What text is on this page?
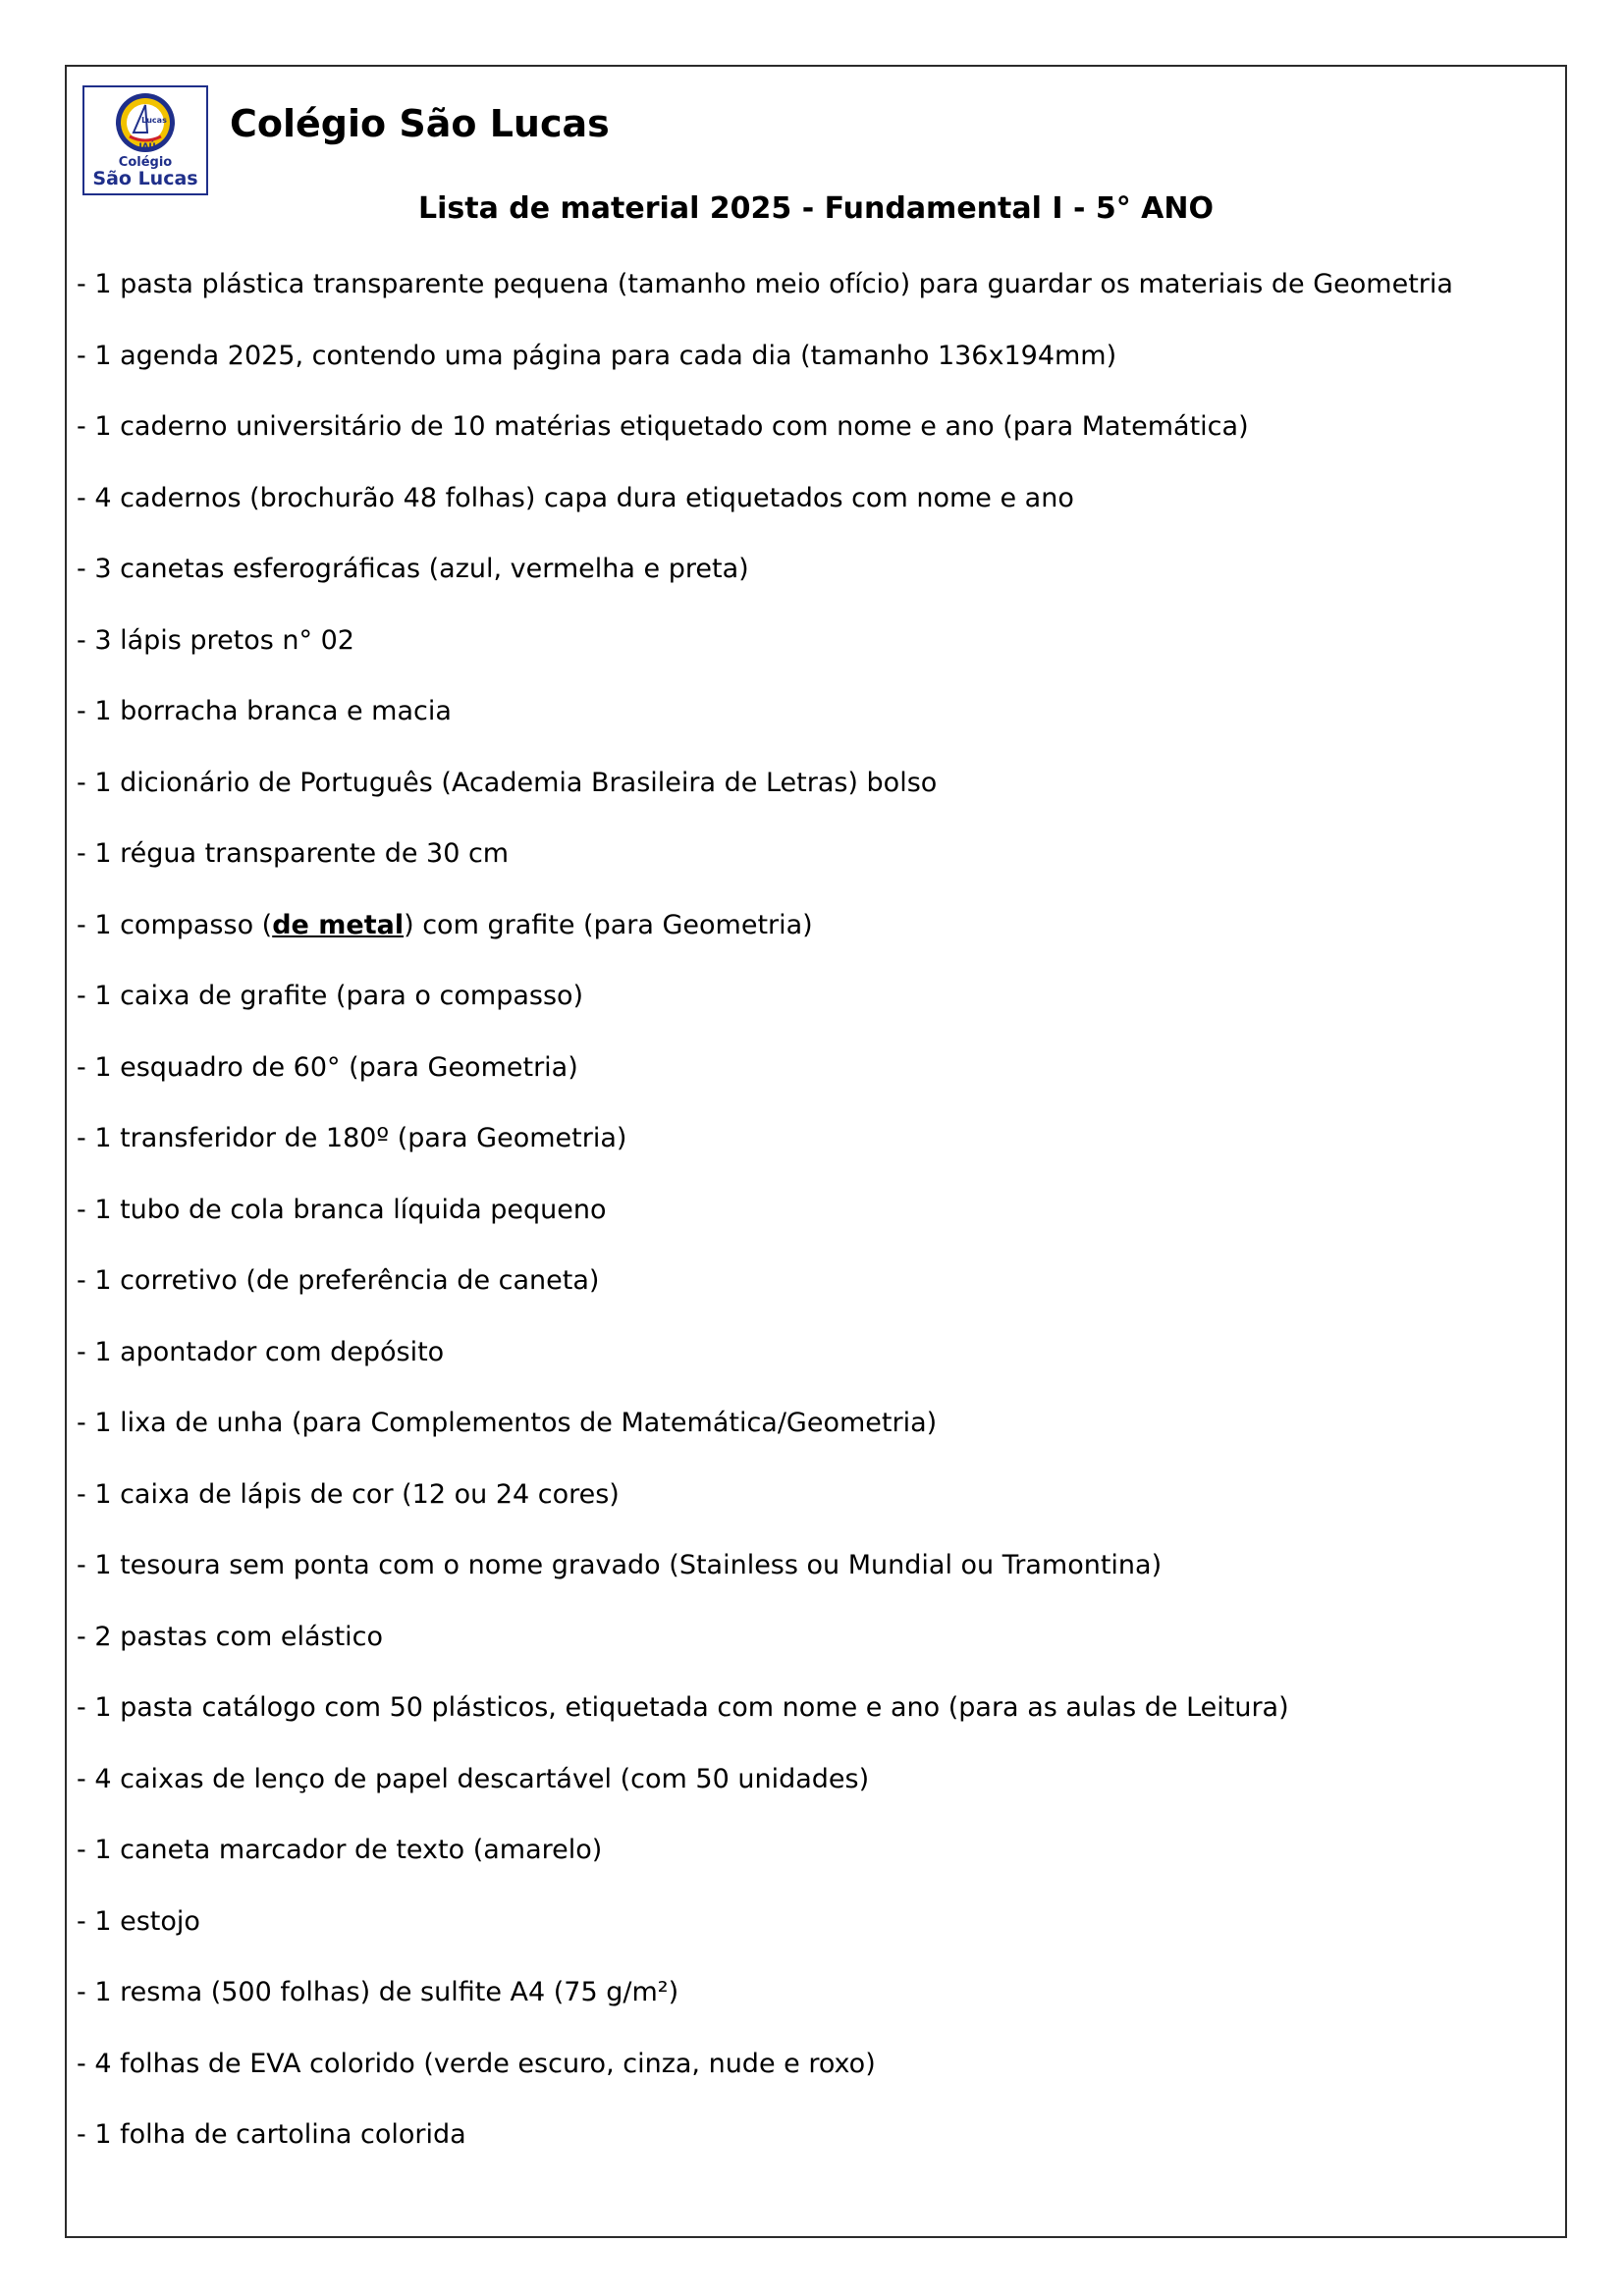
Lucas
JAÚ
Colégio
São Lucas
Colégio São Lucas
Lista de material 2025 - Fundamental I - 5° ANO
- 1 pasta plástica transparente pequena (tamanho meio ofício) para guardar os materiais de Geometria
- 1 agenda 2025, contendo uma página para cada dia (tamanho 136x194mm)
- 1 caderno universitário de 10 matérias etiquetado com nome e ano (para Matemática)
- 4 cadernos (brochurão 48 folhas) capa dura etiquetados com nome e ano
- 3 canetas esferográficas (azul, vermelha e preta)
- 3 lápis pretos n° 02
- 1 borracha branca e macia
- 1 dicionário de Português (Academia Brasileira de Letras) bolso
- 1 régua transparente de 30 cm
- 1 compasso (de metal) com grafite (para Geometria)
- 1 caixa de grafite (para o compasso)
- 1 esquadro de 60° (para Geometria)
- 1 transferidor de 180º (para Geometria)
- 1 tubo de cola branca líquida pequeno
- 1 corretivo (de preferência de caneta)
- 1 apontador com depósito
- 1 lixa de unha (para Complementos de Matemática/Geometria)
- 1 caixa de lápis de cor (12 ou 24 cores)
- 1 tesoura sem ponta com o nome gravado (Stainless ou Mundial ou Tramontina)
- 2 pastas com elástico
- 1 pasta catálogo com 50 plásticos, etiquetada com nome e ano (para as aulas de Leitura)
- 4 caixas de lenço de papel descartável (com 50 unidades)
- 1 caneta marcador de texto (amarelo)
- 1 estojo
- 1 resma (500 folhas) de sulfite A4 (75 g/m²)
- 4 folhas de EVA colorido (verde escuro, cinza, nude e roxo)
- 1 folha de cartolina colorida
